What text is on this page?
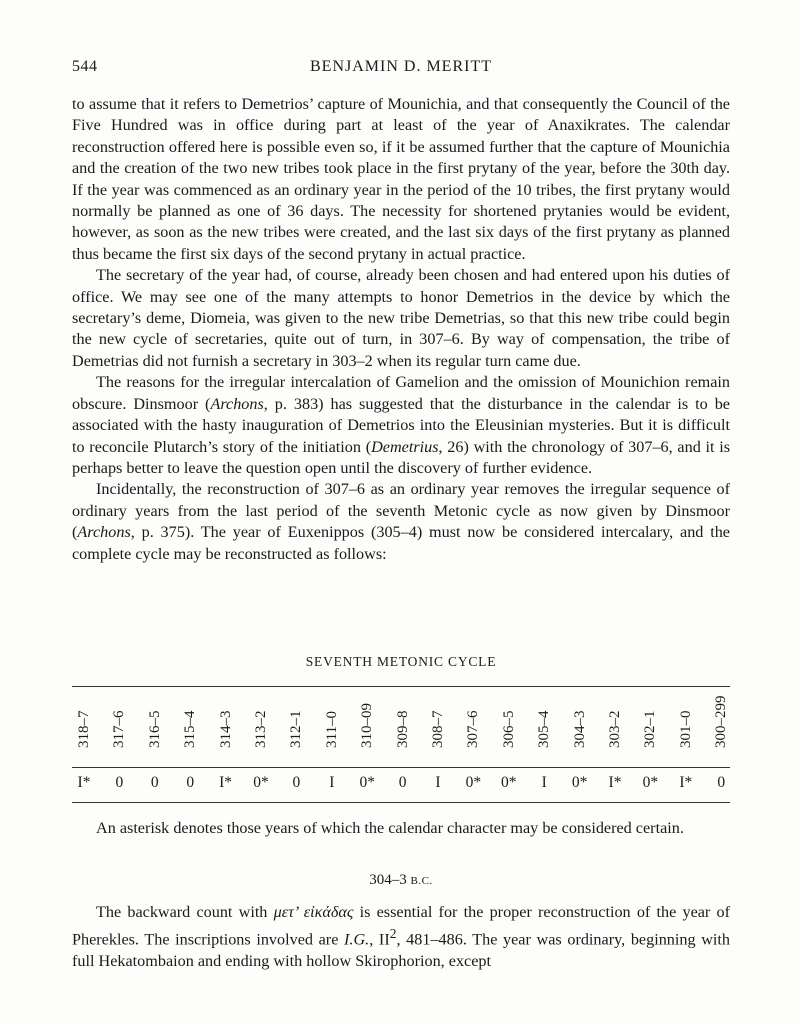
544	BENJAMIN D. MERITT

to assume that it refers to Demetrios’ capture of Mounichia, and that consequently the Council of the Five Hundred was in office during part at least of the year of Anaxikrates. The calendar reconstruction offered here is possible even so, if it be assumed further that the capture of Mounichia and the creation of the two new tribes took place in the first prytany of the year, before the 30th day. If the year was commenced as an ordinary year in the period of the 10 tribes, the first prytany would normally be planned as one of 36 days. The necessity for shortened prytanies would be evident, however, as soon as the new tribes were created, and the last six days of the first prytany as planned thus became the first six days of the second prytany in actual practice.

The secretary of the year had, of course, already been chosen and had entered upon his duties of office. We may see one of the many attempts to honor Demetrios in the device by which the secretary’s deme, Diomeia, was given to the new tribe Demetrias, so that this new tribe could begin the new cycle of secretaries, quite out of turn, in 307–6. By way of compensation, the tribe of Demetrias did not furnish a secretary in 303–2 when its regular turn came due.

The reasons for the irregular intercalation of Gamelion and the omission of Mounichion remain obscure. Dinsmoor (Archons, p. 383) has suggested that the disturbance in the calendar is to be associated with the hasty inauguration of Demetrios into the Eleusinian mysteries. But it is difficult to reconcile Plutarch’s story of the initiation (Demetrius, 26) with the chronology of 307–6, and it is perhaps better to leave the question open until the discovery of further evidence.

Incidentally, the reconstruction of 307–6 as an ordinary year removes the irregular sequence of ordinary years from the last period of the seventh Metonic cycle as now given by Dinsmoor (Archons, p. 375). The year of Euxenippos (305–4) must now be considered intercalary, and the complete cycle may be reconstructed as follows:

SEVENTH METONIC CYCLE
318–7
I*
317–6
0
316–5
0
315–4
0
314–3
I*
313–2
0*
312–1
0
311–0
I
310–09
0*
309–8
0
308–7
I
307–6
0*
306–5
0*
305–4
I
304–3
0*
303–2
I*
302–1
0*
301–0
I*
300–299
0

An asterisk denotes those years of which the calendar character may be considered certain.

304–3 B.C.

The backward count with μετ’ εἰκάδας is essential for the proper reconstruction of the year of Pherekles. The inscriptions involved are I.G., $II^2$, 481–486. The year was ordinary, beginning with full Hekatombaion and ending with hollow Skirophorion, except
